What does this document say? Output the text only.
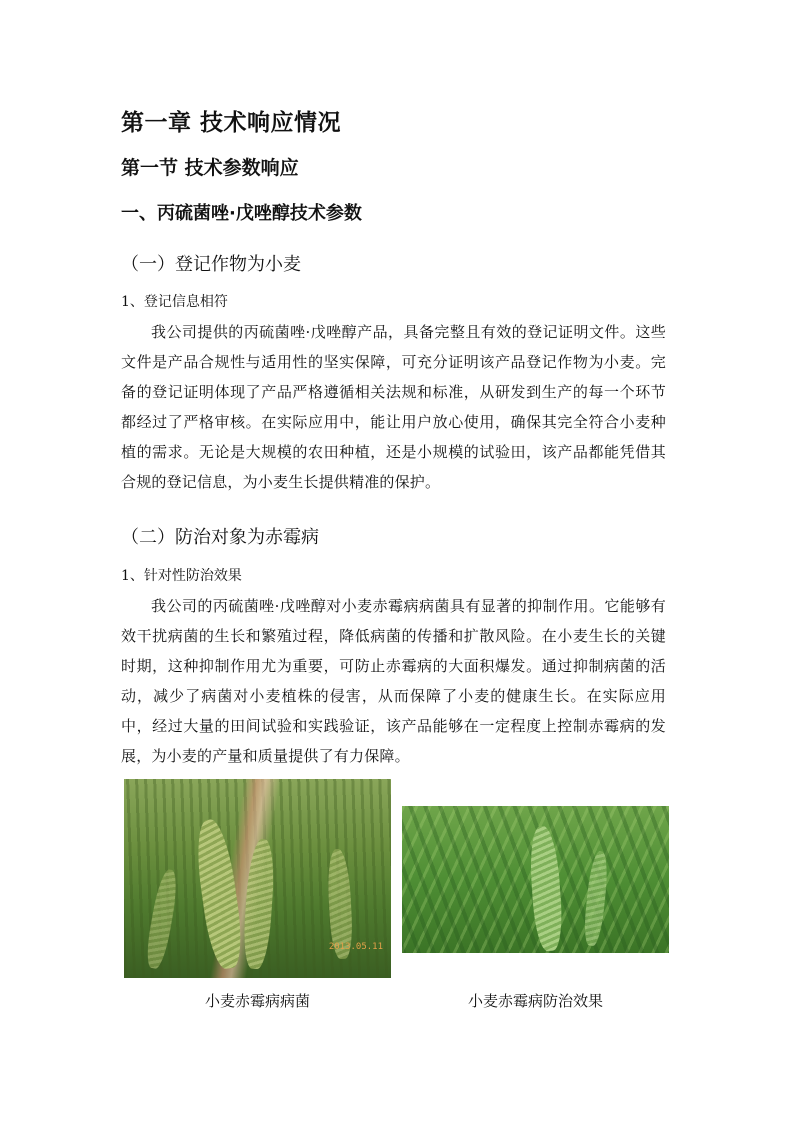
第一章 技术响应情况
第一节 技术参数响应
一、丙硫菌唑·戊唑醇技术参数
（一）登记作物为小麦
1、登记信息相符
我公司提供的丙硫菌唑·戊唑醇产品，具备完整且有效的登记证明文件。这些文件是产品合规性与适用性的坚实保障，可充分证明该产品登记作物为小麦。完备的登记证明体现了产品严格遵循相关法规和标准，从研发到生产的每一个环节都经过了严格审核。在实际应用中，能让用户放心使用，确保其完全符合小麦种植的需求。无论是大规模的农田种植，还是小规模的试验田，该产品都能凭借其合规的登记信息，为小麦生长提供精准的保护。
（二）防治对象为赤霉病
1、针对性防治效果
我公司的丙硫菌唑·戊唑醇对小麦赤霉病病菌具有显著的抑制作用。它能够有效干扰病菌的生长和繁殖过程，降低病菌的传播和扩散风险。在小麦生长的关键时期，这种抑制作用尤为重要，可防止赤霉病的大面积爆发。通过抑制病菌的活动，减少了病菌对小麦植株的侵害，从而保障了小麦的健康生长。在实际应用中，经过大量的田间试验和实践验证，该产品能够在一定程度上控制赤霉病的发展，为小麦的产量和质量提供了有力保障。
2013.05.11
小麦赤霉病病菌	小麦赤霉病防治效果
